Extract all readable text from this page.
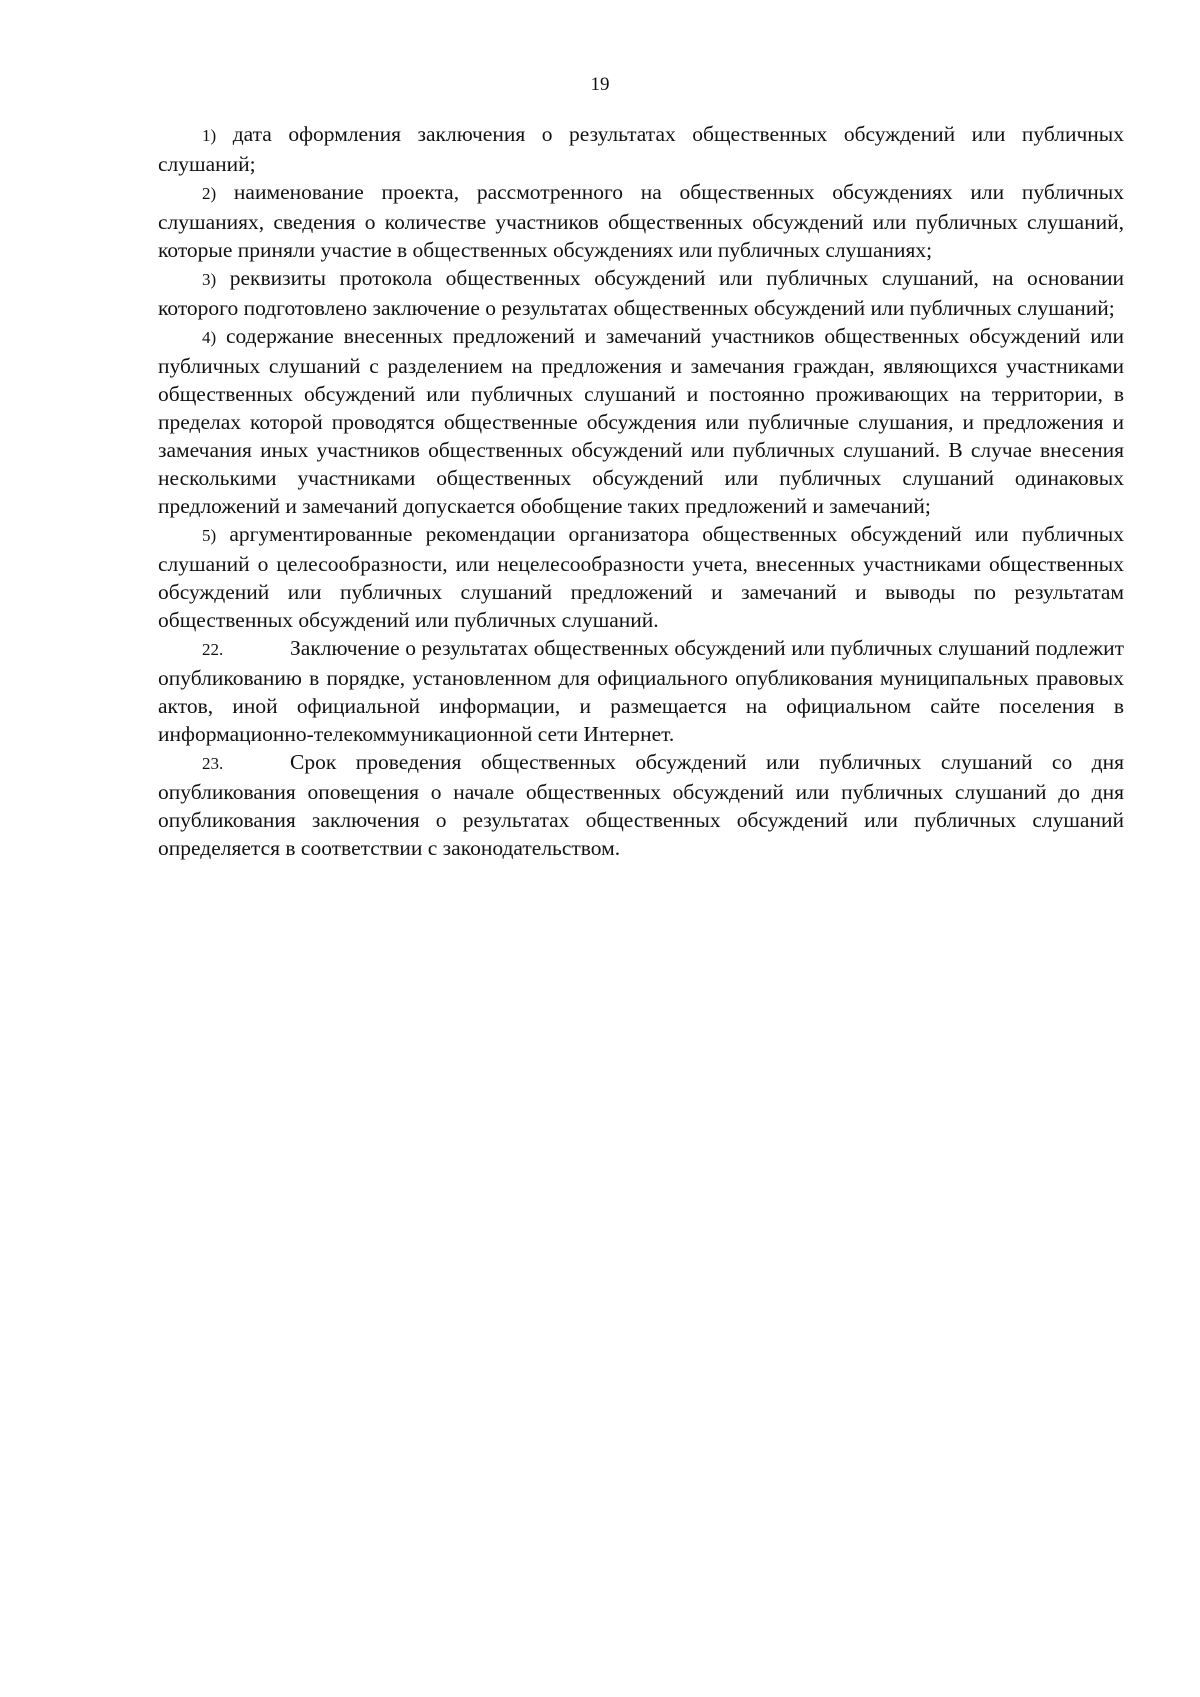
19

1) дата оформления заключения о результатах общественных обсуждений или публичных слушаний;

2) наименование проекта, рассмотренного на общественных обсуждениях или публичных слушаниях, сведения о количестве участников общественных обсуждений или публичных слушаний, которые приняли участие в общественных обсуждениях или публичных слушаниях;

3) реквизиты протокола общественных обсуждений или публичных слушаний, на основании которого подготовлено заключение о результатах общественных обсуждений или публичных слушаний;

4) содержание внесенных предложений и замечаний участников общественных обсуждений или публичных слушаний с разделением на предложения и замечания граждан, являющихся участниками общественных обсуждений или публичных слушаний и постоянно проживающих на территории, в пределах которой проводятся общественные обсуждения или публичные слушания, и предложения и замечания иных участников общественных обсуждений или публичных слушаний. В случае внесения несколькими участниками общественных обсуждений или публичных слушаний одинаковых предложений и замечаний допускается обобщение таких предложений и замечаний;

5) аргументированные рекомендации организатора общественных обсуждений или публичных слушаний о целесообразности, или нецелесообразности учета, внесенных участниками общественных обсуждений или публичных слушаний предложений и замечаний и выводы по результатам общественных обсуждений или публичных слушаний.

22.	Заключение о результатах общественных обсуждений или публичных слушаний подлежит опубликованию в порядке, установленном для официального опубликования муниципальных правовых актов, иной официальной информации, и размещается на официальном сайте поселения в информационно-телекоммуникационной сети Интернет.

23.	Срок проведения общественных обсуждений или публичных слушаний со дня опубликования оповещения о начале общественных обсуждений или публичных слушаний до дня опубликования заключения о результатах общественных обсуждений или публичных слушаний определяется в соответствии с законодательством.
